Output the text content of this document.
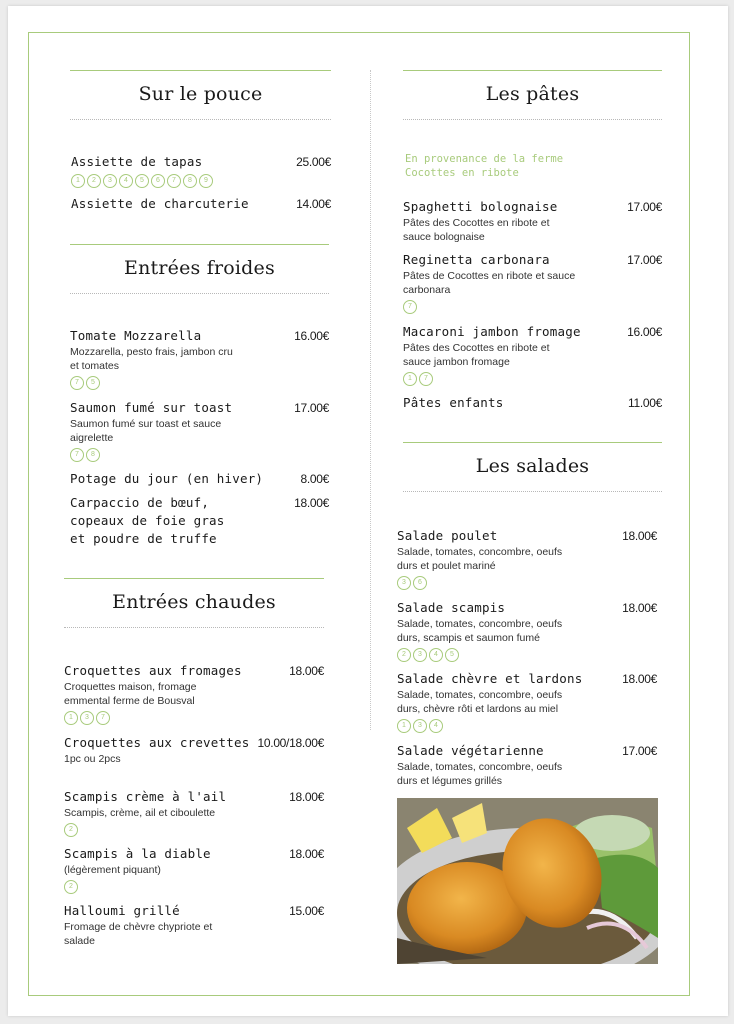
Sur le pouce
Assiette de tapas	25.00€
1	2	3	4	5	6	7	8	9
Assiette de charcuterie	14.00€
Entrées froides
Tomate Mozzarella	16.00€
Mozzarella, pesto frais, jambon cru
et tomates
7	5
Saumon fumé sur toast	17.00€
Saumon fumé sur toast et sauce
aigrelette
7	8
Potage du jour (en hiver)	8.00€
Carpaccio de bœuf,
copeaux de foie gras
et poudre de truffe
18.00€
Entrées chaudes
Croquettes aux fromages	18.00€
Croquettes maison, fromage
emmental ferme de Bousval
1	3	7
Croquettes aux crevettes 10.00/18.00€
1pc ou 2pcs
Scampis crème à l'ail	18.00€
Scampis, crème, ail et ciboulette
2
Scampis à la diable	18.00€
(légèrement piquant)
2
Halloumi grillé	15.00€
Fromage de chèvre chypriote et
salade
Les pâtes
En provenance de la ferme
Cocottes en ribote
Spaghetti bolognaise	17.00€
Pâtes des Cocottes en ribote et
sauce bolognaise
Reginetta carbonara	17.00€
Pâtes de Cocottes en ribote et sauce
carbonara
7
Macaroni jambon fromage	16.00€
Pâtes des Cocottes en ribote et
sauce jambon fromage
1	7
Pâtes enfants	11.00€
Les salades
Salade poulet	18.00€
Salade, tomates, concombre, oeufs
durs et poulet mariné
3	6
Salade scampis	18.00€
Salade, tomates, concombre, oeufs
durs, scampis et saumon fumé
2	3	4	5
Salade chèvre et lardons	18.00€
Salade, tomates, concombre, oeufs
durs, chèvre rôti et lardons au miel
1	3	4
Salade végétarienne	17.00€
Salade, tomates, concombre, oeufs
durs et légumes grillés
